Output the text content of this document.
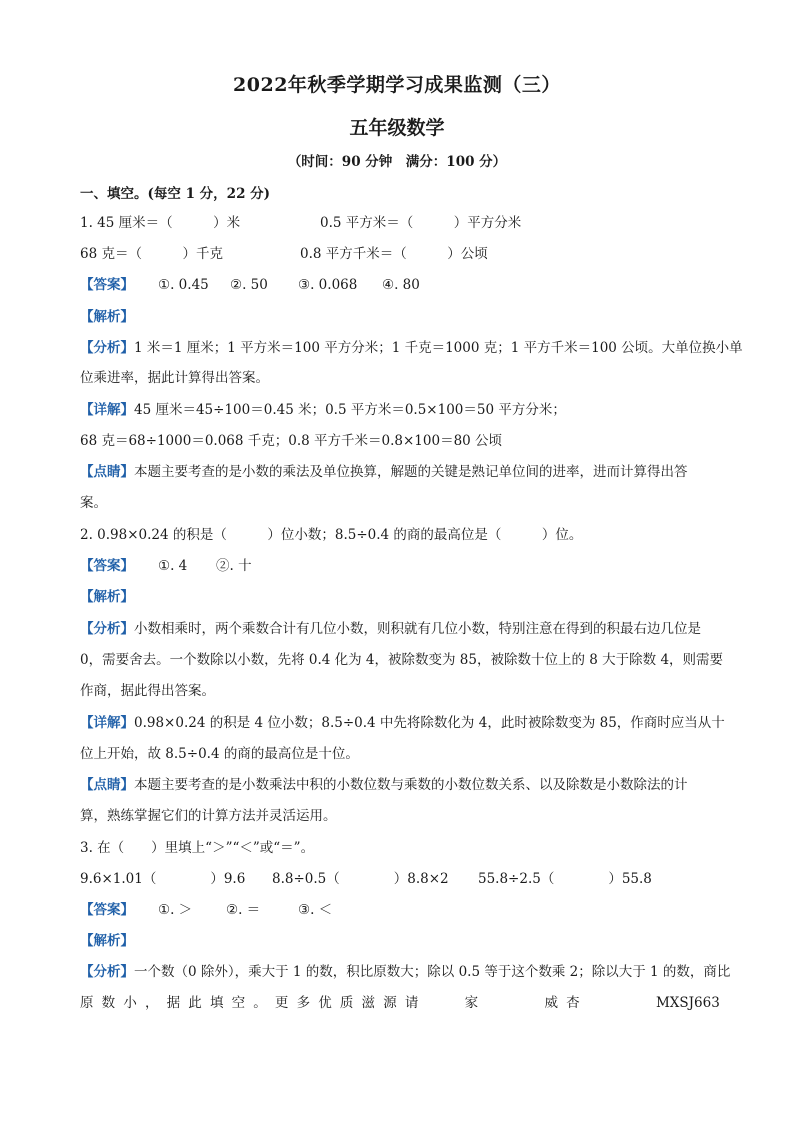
2022年秋季学期学习成果监测（三）
五年级数学
（时间：90 分钟　满分：100 分）
一、填空。(每空 1 分，22 分)
1. 45 厘米＝（　　　）米	0.5 平方米＝（　　　）平方分米
68 克＝（　　　）千克	0.8 平方千米＝（　　　）公顷
【答案】 ①. 0.45 ②. 50 ③. 0.068 ④. 80
【解析】
【分析】1 米＝1 厘米；1 平方米＝100 平方分米；1 千克＝1000 克；1 平方千米＝100 公顷。大单位换小单
位乘进率，据此计算得出答案。
【详解】45 厘米＝45÷100＝0.45 米；0.5 平方米＝0.5×100＝50 平方分米；
68 克＝68÷1000＝0.068 千克；0.8 平方千米＝0.8×100＝80 公顷
【点睛】本题主要考查的是小数的乘法及单位换算，解题的关键是熟记单位间的进率，进而计算得出答
案。
2. 0.98×0.24 的积是（　　　）位小数；8.5÷0.4 的商的最高位是（　　　）位。
【答案】 ①. 4 ②. 十
【解析】
【分析】小数相乘时，两个乘数合计有几位小数，则积就有几位小数，特别注意在得到的积最右边几位是
0，需要舍去。一个数除以小数，先将 0.4 化为 4，被除数变为 85，被除数十位上的 8 大于除数 4，则需要
作商，据此得出答案。
【详解】0.98×0.24 的积是 4 位小数；8.5÷0.4 中先将除数化为 4，此时被除数变为 85，作商时应当从十
位上开始，故 8.5÷0.4 的商的最高位是十位。
【点睛】本题主要考查的是小数乘法中积的小数位数与乘数的小数位数关系、以及除数是小数除法的计
算，熟练掌握它们的计算方法并灵活运用。
3. 在（　　）里填上“＞”“＜”或“＝”。
9.6×1.01（　　　　）9.6 8.8÷0.5（　　　　）8.8×2 55.8÷2.5（　　　　）55.8
【答案】 ①. ＞	②. ＝	③. ＜
【解析】
【分析】一个数（0 除外），乘大于 1 的数，积比原数大；除以 0.5 等于这个数乘 2；除以大于 1 的数，商比
原 数 小 ， 据 此 填 空 。 更 多 优 质 滋 源 请	家	威 杏	MXSJ663
